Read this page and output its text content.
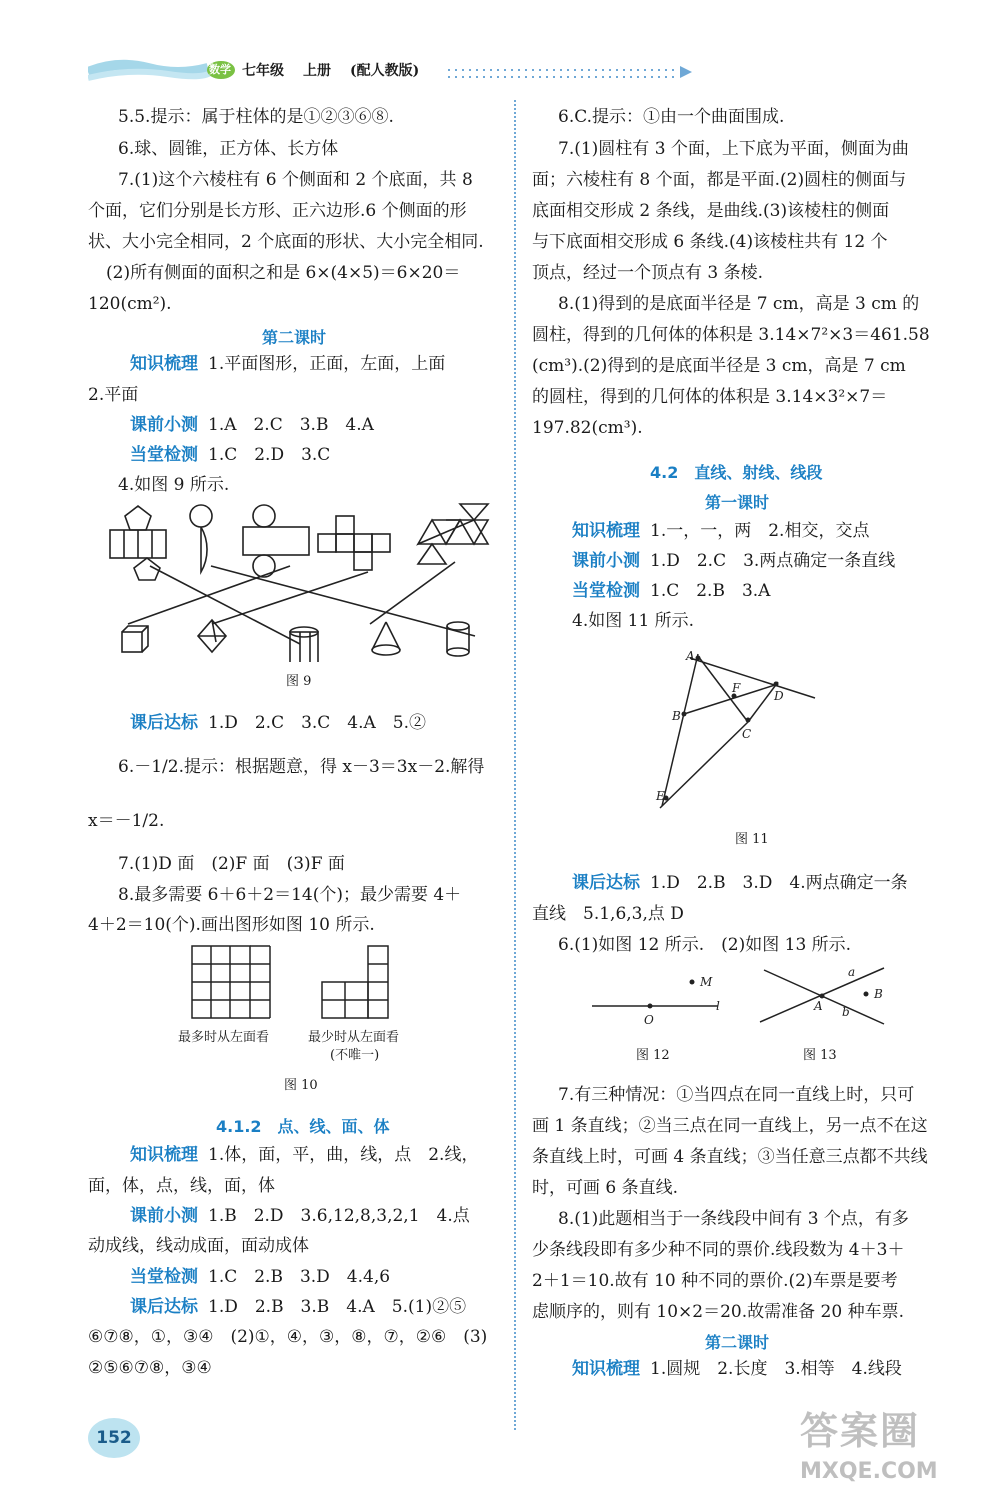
数学 七年级 上册 (配人教版)
5.5.提示：属于柱体的是①②③⑥⑧.
6.球、圆锥，正方体、长方体
7.(1)这个六棱柱有 6 个侧面和 2 个底面，共 8
个面，它们分别是长方形、正六边形.6 个侧面的形
状、大小完全相同，2 个底面的形状、大小完全相同.
(2)所有侧面的面积之和是 6×(4×5)＝6×20＝
120(cm²).
第二课时
知识梳理 1.平面图形，正面，左面，上面
2.平面
课前小测 1.A　2.C　3.B　4.A
当堂检测 1.C　2.D　3.C
4.如图 9 所示.
图 9
课后达标 1.D　2.C　3.C　4.A　5.②
6.－1/2.提示：根据题意，得 x－3＝3x－2.解得
x＝－1/2.
7.(1)D 面　(2)F 面　(3)F 面
8.最多需要 6＋6＋2＝14(个)；最少需要 4＋
4＋2＝10(个).画出图形如图 10 所示.
最多时从左面看	最少时从左面看
(不唯一)
图 10
4.1.2　点、线、面、体
知识梳理 1.体，面，平，曲，线，点　2.线，
面，体，点，线，面，体
课前小测 1.B　2.D　3.6,12,8,3,2,1　4.点
动成线，线动成面，面动成体
当堂检测 1.C　2.B　3.D　4.4,6
课后达标 1.D　2.B　3.B　4.A　5.(1)②⑤
⑥⑦⑧，①，③④　(2)①，④，③，⑧，⑦，②⑥　(3)
②⑤⑥⑦⑧，③④
6.C.提示：①由一个曲面围成.
7.(1)圆柱有 3 个面，上下底为平面，侧面为曲
面；六棱柱有 8 个面，都是平面.(2)圆柱的侧面与
底面相交形成 2 条线，是曲线.(3)该棱柱的侧面
与下底面相交形成 6 条线.(4)该棱柱共有 12 个
顶点，经过一个顶点有 3 条棱.
8.(1)得到的是底面半径是 7 cm，高是 3 cm 的
圆柱，得到的几何体的体积是 3.14×7²×3＝461.58
(cm³).(2)得到的是底面半径是 3 cm，高是 7 cm
的圆柱，得到的几何体的体积是 3.14×3²×7＝
197.82(cm³).
4.2　直线、射线、线段
第一课时
知识梳理 1.一，一，两　2.相交，交点
课前小测 1.D　2.C　3.两点确定一条直线
当堂检测 1.C　2.B　3.A
4.如图 11 所示.
A
B
C
D
E
F
图 11
课后达标 1.D　2.B　3.D　4.两点确定一条
直线　5.1,6,3,点 D
6.(1)如图 12 所示.　(2)如图 13 所示.
M
O
l
图 12
a
b
A
B
图 13
7.有三种情况：①当四点在同一直线上时，只可
画 1 条直线；②当三点在同一直线上，另一点不在这
条直线上时，可画 4 条直线；③当任意三点都不共线
时，可画 6 条直线.
8.(1)此题相当于一条线段中间有 3 个点，有多
少条线段即有多少种不同的票价.线段数为 4＋3＋
2＋1＝10.故有 10 种不同的票价.(2)车票是要考
虑顺序的，则有 10×2＝20.故需准备 20 种车票.
第二课时
知识梳理 1.圆规　2.长度　3.相等　4.线段
152	答案圈
MXQE.COM
